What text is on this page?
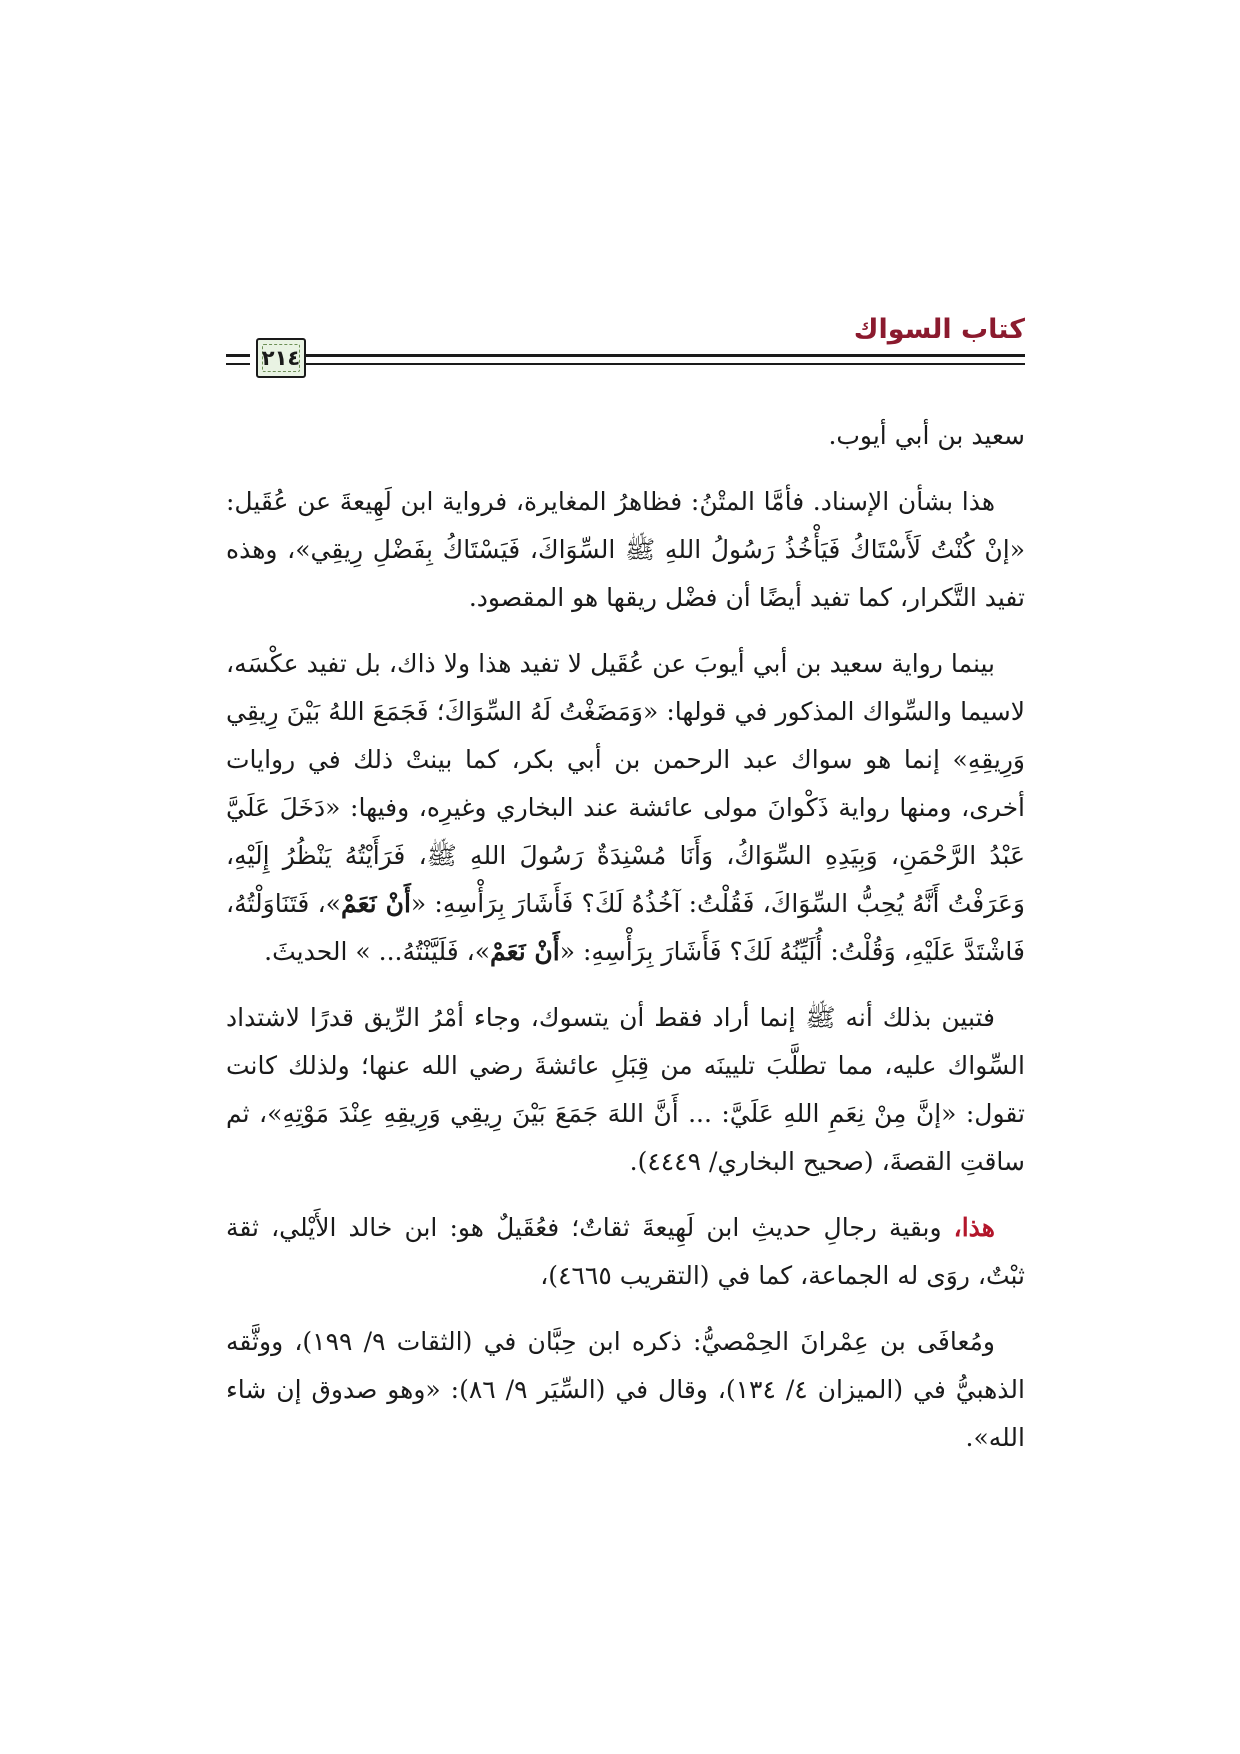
كتاب السواك
٢١٤

سعيد بن أبي أيوب.

هذا بشأن الإسناد. فأمَّا المتْنُ: فظاهرُ المغايرة، فرواية ابن لَهِيعةَ عن عُقَيل: «إنْ كُنْتُ لَأَسْتَاكُ فَيَأْخُذُ رَسُولُ اللهِ ﷺ السِّوَاكَ، فَيَسْتَاكُ بِفَضْلِ رِيقِي»، وهذه تفيد التَّكرار، كما تفيد أيضًا أن فضْل ريقها هو المقصود.

بينما رواية سعيد بن أبي أيوبَ عن عُقَيل لا تفيد هذا ولا ذاك، بل تفيد عكْسَه، لاسيما والسِّواك المذكور في قولها: «وَمَضَغْتُ لَهُ السِّوَاكَ؛ فَجَمَعَ اللهُ بَيْنَ رِيقِي وَرِيقِهِ» إنما هو سواك عبد الرحمن بن أبي بكر، كما بينتْ ذلك في روايات أخرى، ومنها رواية ذَكْوانَ مولى عائشة عند البخاري وغيرِه، وفيها: «دَخَلَ عَلَيَّ عَبْدُ الرَّحْمَنِ، وَبِيَدِهِ السِّوَاكُ، وَأَنَا مُسْنِدَةٌ رَسُولَ اللهِ ﷺ، فَرَأَيْتُهُ يَنْظُرُ إِلَيْهِ، وَعَرَفْتُ أَنَّهُ يُحِبُّ السِّوَاكَ، فَقُلْتُ: آخُذُهُ لَكَ؟ فَأَشَارَ بِرَأْسِهِ: «أَنْ نَعَمْ»، فَتَنَاوَلْتُهُ، فَاشْتَدَّ عَلَيْهِ، وَقُلْتُ: أُلَيِّنُهُ لَكَ؟ فَأَشَارَ بِرَأْسِهِ: «أَنْ نَعَمْ»، فَلَيَّنْتُهُ... » الحديثَ.

فتبين بذلك أنه ﷺ إنما أراد فقط أن يتسوك، وجاء أمْرُ الرِّيق قدرًا لاشتداد السِّواك عليه، مما تطلَّبَ تليينَه من قِبَلِ عائشةَ رضي الله عنها؛ ولذلك كانت تقول: «إنَّ مِنْ نِعَمِ اللهِ عَلَيَّ: ... أَنَّ اللهَ جَمَعَ بَيْنَ رِيقِي وَرِيقِهِ عِنْدَ مَوْتِهِ»، ثم ساقتِ القصةَ، (صحيح البخاري/ ٤٤٤٩).

هذا، وبقية رجالِ حديثِ ابن لَهِيعةَ ثقاتٌ؛ فعُقَيلٌ هو: ابن خالد الأَيْلي، ثقة ثبْتٌ، روَى له الجماعة، كما في (التقريب ٤٦٦٥)،

ومُعافَى بن عِمْرانَ الحِمْصيُّ: ذكره ابن حِبَّان في (الثقات ٩/ ١٩٩)، ووثَّقه الذهبيُّ في (الميزان ٤/ ١٣٤)، وقال في (السِّيَر ٩/ ٨٦): «وهو صدوق إن شاء الله».
